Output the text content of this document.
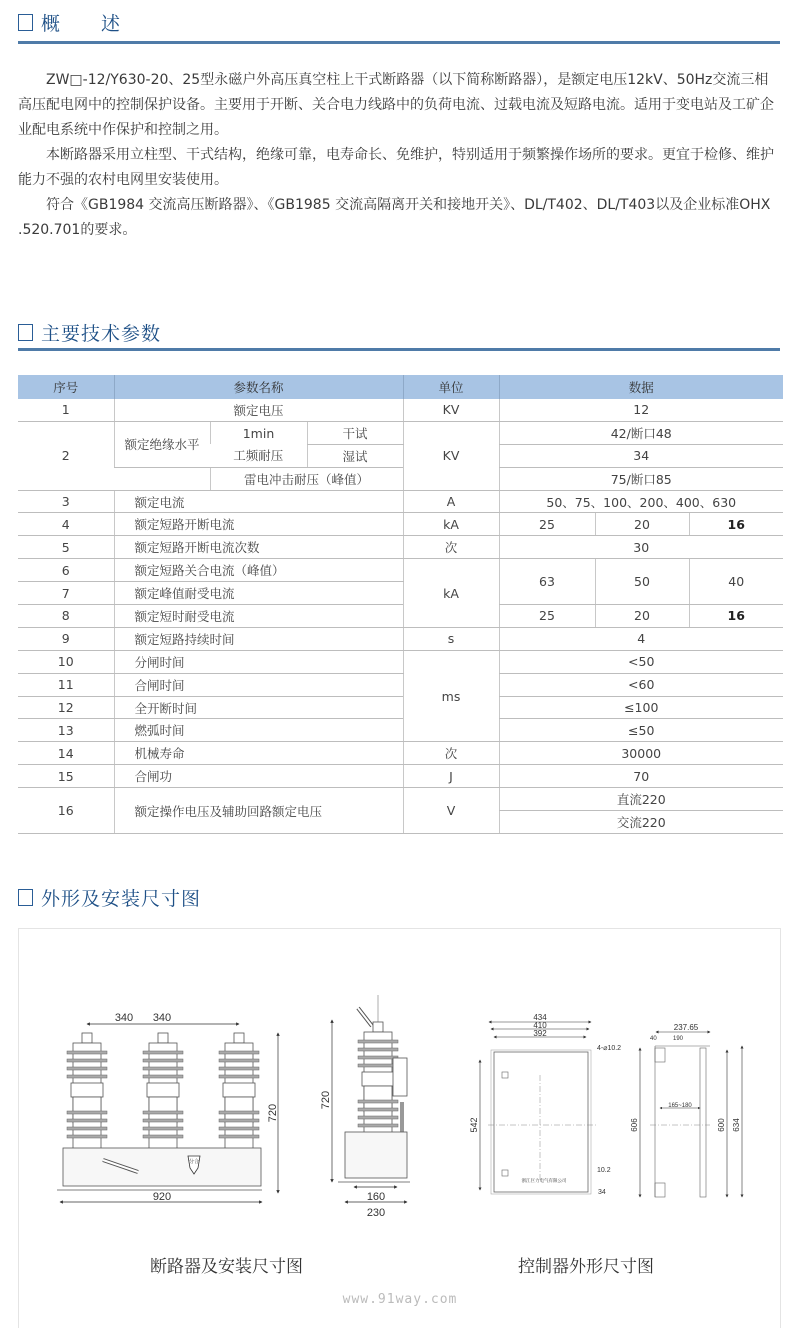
概　　述

ZW□-12/Y630-20、25型永磁户外高压真空柱上干式断路器（以下简称断路器），是额定电压12kV、50Hz交流三相高压配电网中的控制保护设备。主要用于开断、关合电力线路中的负荷电流、过载电流及短路电流。适用于变电站及工矿企业配电系统中作保护和控制之用。

本断路器采用立柱型、干式结构，绝缘可靠，电寿命长、免维护，特别适用于频繁操作场所的要求。更宜于检修、维护能力不强的农村电网里安装使用。

符合《GB1984 交流高压断路器》、《GB1985 交流高隔离开关和接地开关》、DL/T402、DL/T403以及企业标准OHX .520.701的要求。

主要技术参数
序号	参数名称			单位	数据		
1	额定电压			KV	12		
2	额定绝缘水平	1min	干试	KV	42/断口48		
		工频耐压	湿试		34		
		雷电冲击耐压（峰值）			75/断口85		
3	额定电流			A	50、75、100、200、400、630		
4	额定短路开断电流			kA	25	20	16
5	额定短路开断电流次数			次	30		
6	额定短路关合电流（峰值）			kA	63	50	40
7	额定峰值耐受电流						
8	额定短时耐受电流				25	20	16
9	额定短路持续时间			s	4		
10	分闸时间			ms	<50		
11	合闸时间				<60		
12	全开断时间				≤100		
13	燃弧时间				≤50		
14	机械寿命			次	30000		
15	合闸功			J	70		
16	额定操作电压及辅助回路额定电压			V	直流220		
					交流220		
外形及安装尺寸图
分合
340 340
720
920
720
160
230
浙江巨力电气有限公司
434
410
392
4-⌀10.2
542
10.2
34
237.65
40	190
165~180
606	600 634
断路器及安装尺寸图	控制器外形尺寸图
www.91way.com
